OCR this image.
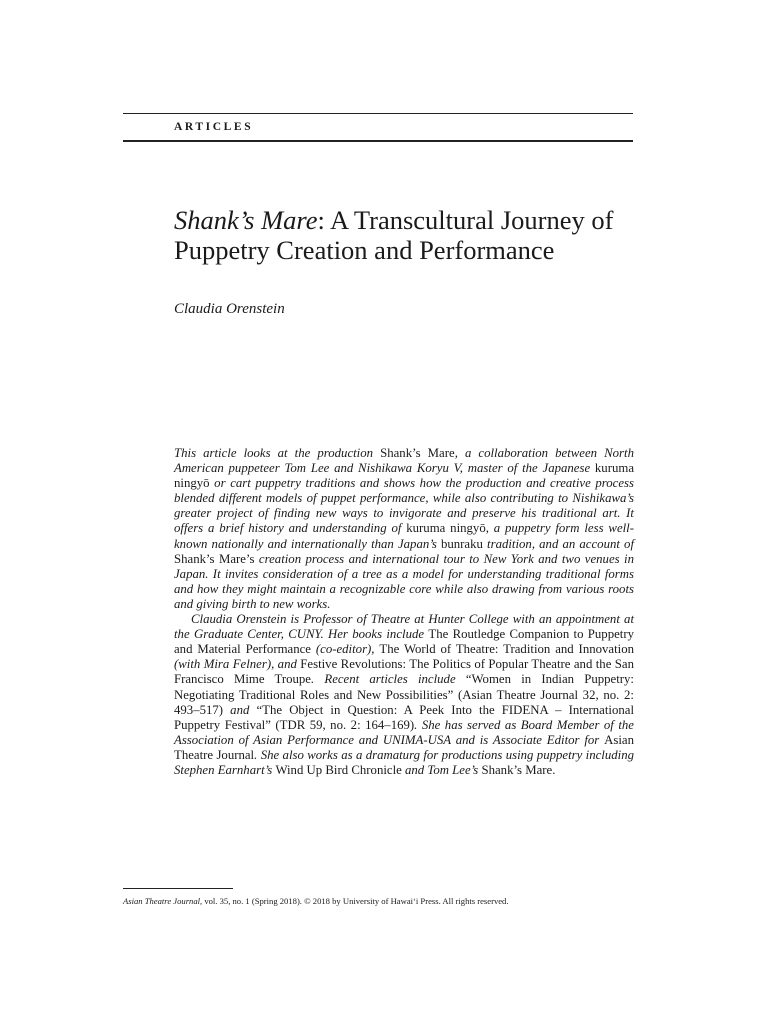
ARTICLES
Shank’s Mare: A Transcultural Journey of Puppetry Creation and Performance
Claudia Orenstein

This article looks at the production Shank’s Mare, a collaboration between North American puppeteer Tom Lee and Nishikawa Koryu V, master of the Japanese kuruma ningyō or cart puppetry traditions and shows how the production and creative process blended different models of puppet performance, while also contributing to Nishikawa’s greater project of finding new ways to invigorate and preserve his traditional art. It offers a brief history and understanding of kuruma ningyō, a puppetry form less well-known nationally and internationally than Japan’s bunraku tradition, and an account of Shank’s Mare’s creation process and international tour to New York and two venues in Japan. It invites consideration of a tree as a model for understanding traditional forms and how they might maintain a recognizable core while also drawing from various roots and giving birth to new works.

Claudia Orenstein is Professor of Theatre at Hunter College with an appointment at the Graduate Center, CUNY. Her books include The Routledge Companion to Puppetry and Material Performance (co-editor), The World of Theatre: Tradition and Innovation (with Mira Felner), and Festive Revolutions: The Politics of Popular Theatre and the San Francisco Mime Troupe. Recent articles include “Women in Indian Puppetry: Negotiating Traditional Roles and New Possibilities” (Asian Theatre Journal 32, no. 2: 493–517) and “The Object in Question: A Peek Into the FIDENA – International Puppetry Festival” (TDR 59, no. 2: 164–169). She has served as Board Member of the Association of Asian Performance and UNIMA-USA and is Associate Editor for Asian Theatre Journal. She also works as a dramaturg for productions using puppetry including Stephen Earnhart’s Wind Up Bird Chronicle and Tom Lee’s Shank’s Mare.

Asian Theatre Journal, vol. 35, no. 1 (Spring 2018). © 2018 by University of Hawai‘i Press. All rights reserved.
